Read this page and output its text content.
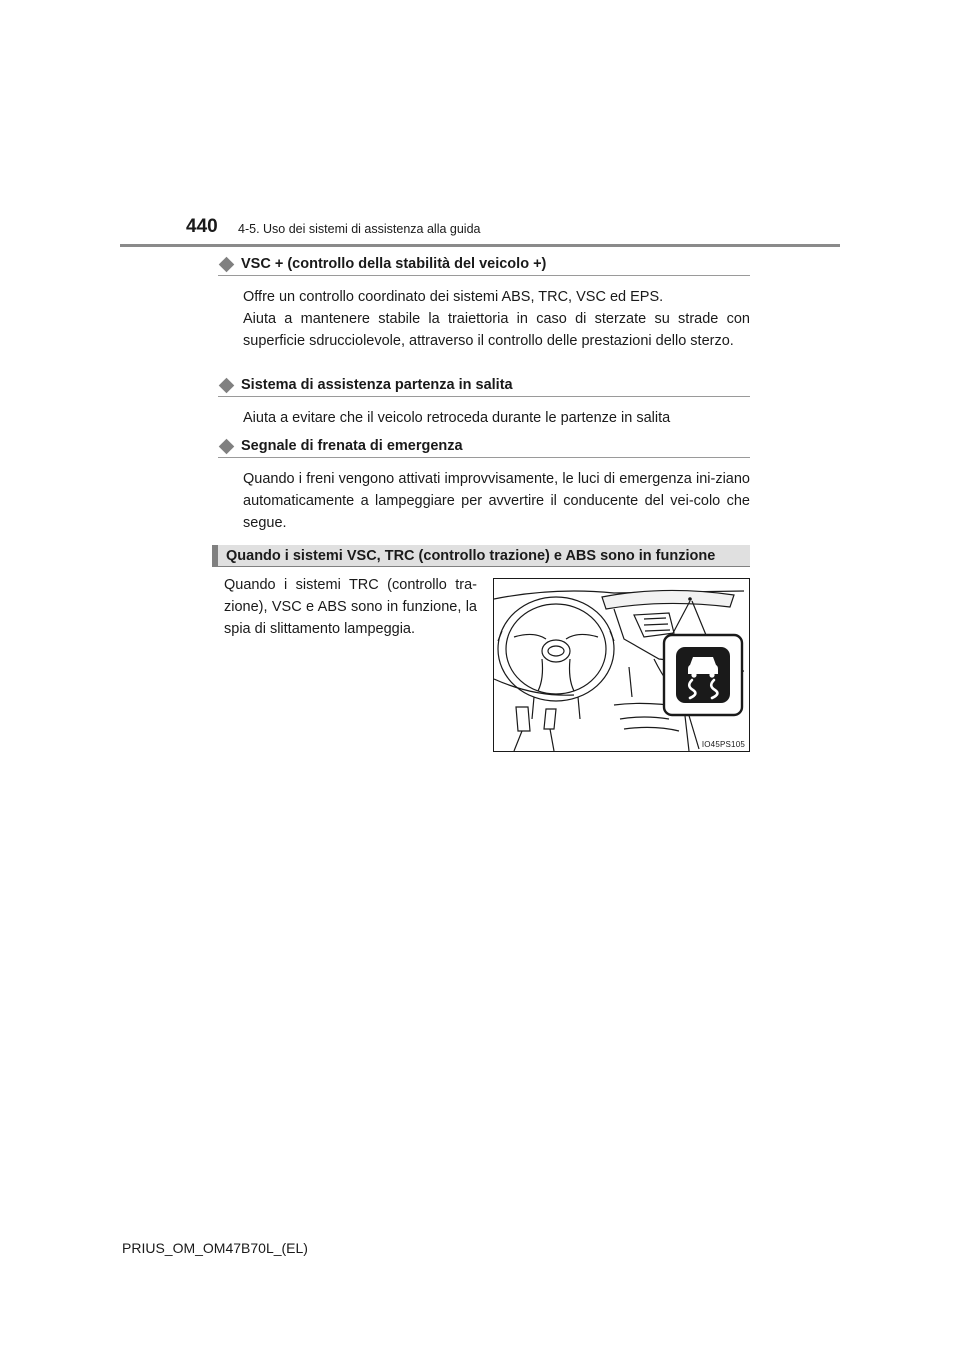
440 4-5. Uso dei sistemi di assistenza alla guida
VSC + (controllo della stabilità del veicolo +)

Offre un controllo coordinato dei sistemi ABS, TRC, VSC ed EPS.

Aiuta a mantenere stabile la traiettoria in caso di sterzate su strade con superficie sdrucciolevole, attraverso il controllo delle prestazioni dello sterzo.

Sistema di assistenza partenza in salita

Aiuta a evitare che il veicolo retroceda durante le partenze in salita

Segnale di frenata di emergenza

Quando i freni vengono attivati improvvisamente, le luci di emergenza ini-ziano automaticamente a lampeggiare per avvertire il conducente del vei-colo che segue.

Quando i sistemi VSC, TRC (controllo trazione) e ABS sono in funzione
Quando i sistemi TRC (controllo tra-zione), VSC e ABS sono in funzione, la spia di slittamento lampeggia.
IO45PS105
PRIUS_OM_OM47B70L_(EL)
